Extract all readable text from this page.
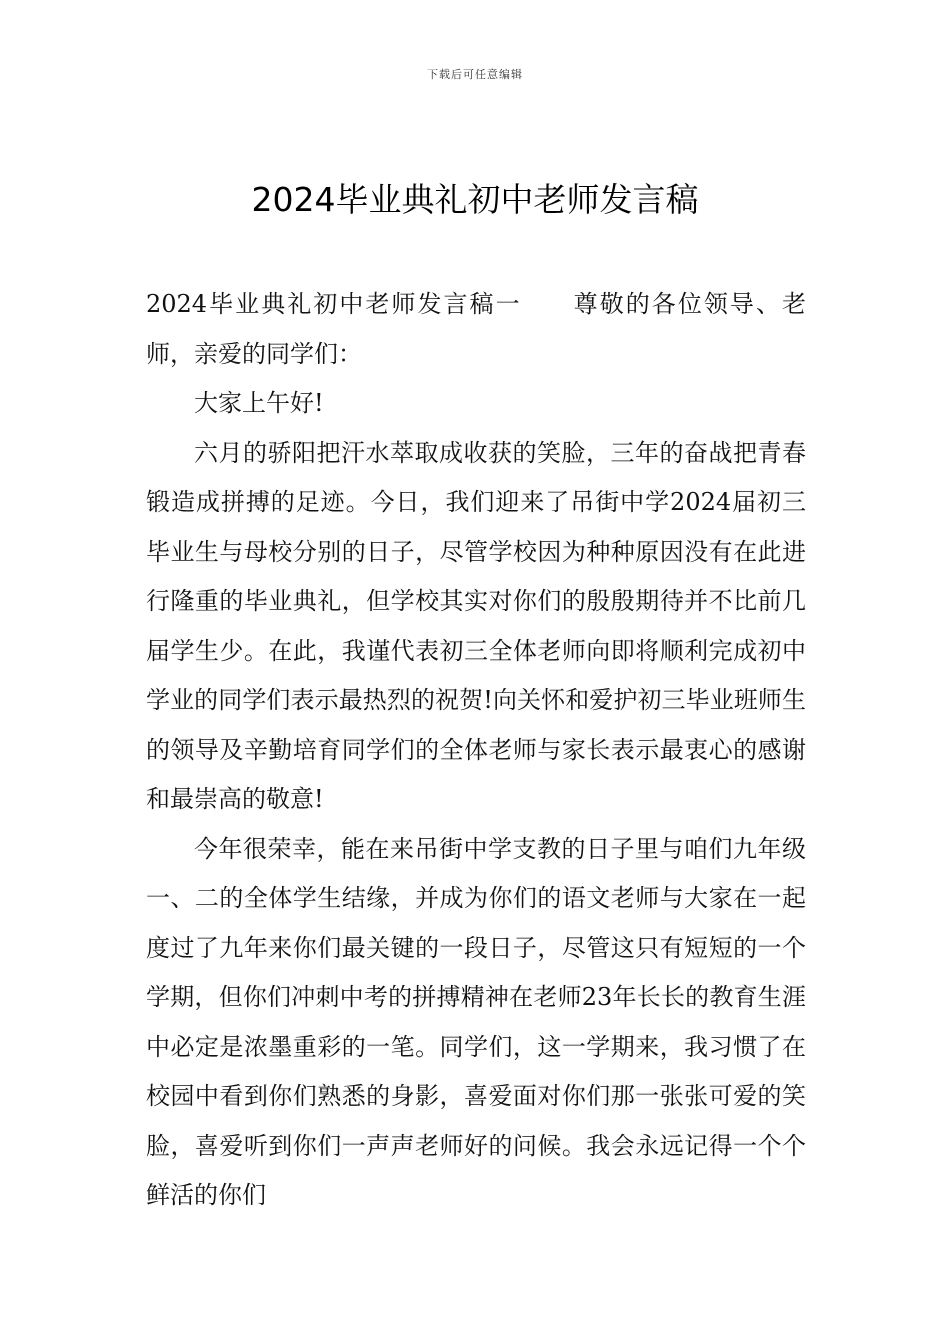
下载后可任意编辑
2024毕业典礼初中老师发言稿

2024毕业典礼初中老师发言稿一 尊敬的各位领导、老师，亲爱的同学们：

大家上午好!

六月的骄阳把汗水萃取成收获的笑脸，三年的奋战把青春锻造成拼搏的足迹。今日，我们迎来了吊街中学2024届初三毕业生与母校分别的日子，尽管学校因为种种原因没有在此进行隆重的毕业典礼，但学校其实对你们的殷殷期待并不比前几届学生少。在此，我谨代表初三全体老师向即将顺利完成初中学业的同学们表示最热烈的祝贺!向关怀和爱护初三毕业班师生的领导及辛勤培育同学们的全体老师与家长表示最衷心的感谢和最崇高的敬意!

今年很荣幸，能在来吊街中学支教的日子里与咱们九年级一、二的全体学生结缘，并成为你们的语文老师与大家在一起度过了九年来你们最关键的一段日子，尽管这只有短短的一个学期，但你们冲刺中考的拼搏精神在老师23年长长的教育生涯中必定是浓墨重彩的一笔。同学们，这一学期来，我习惯了在校园中看到你们熟悉的身影，喜爱面对你们那一张张可爱的笑脸，喜爱听到你们一声声老师好的问候。我会永远记得一个个鲜活的你们
